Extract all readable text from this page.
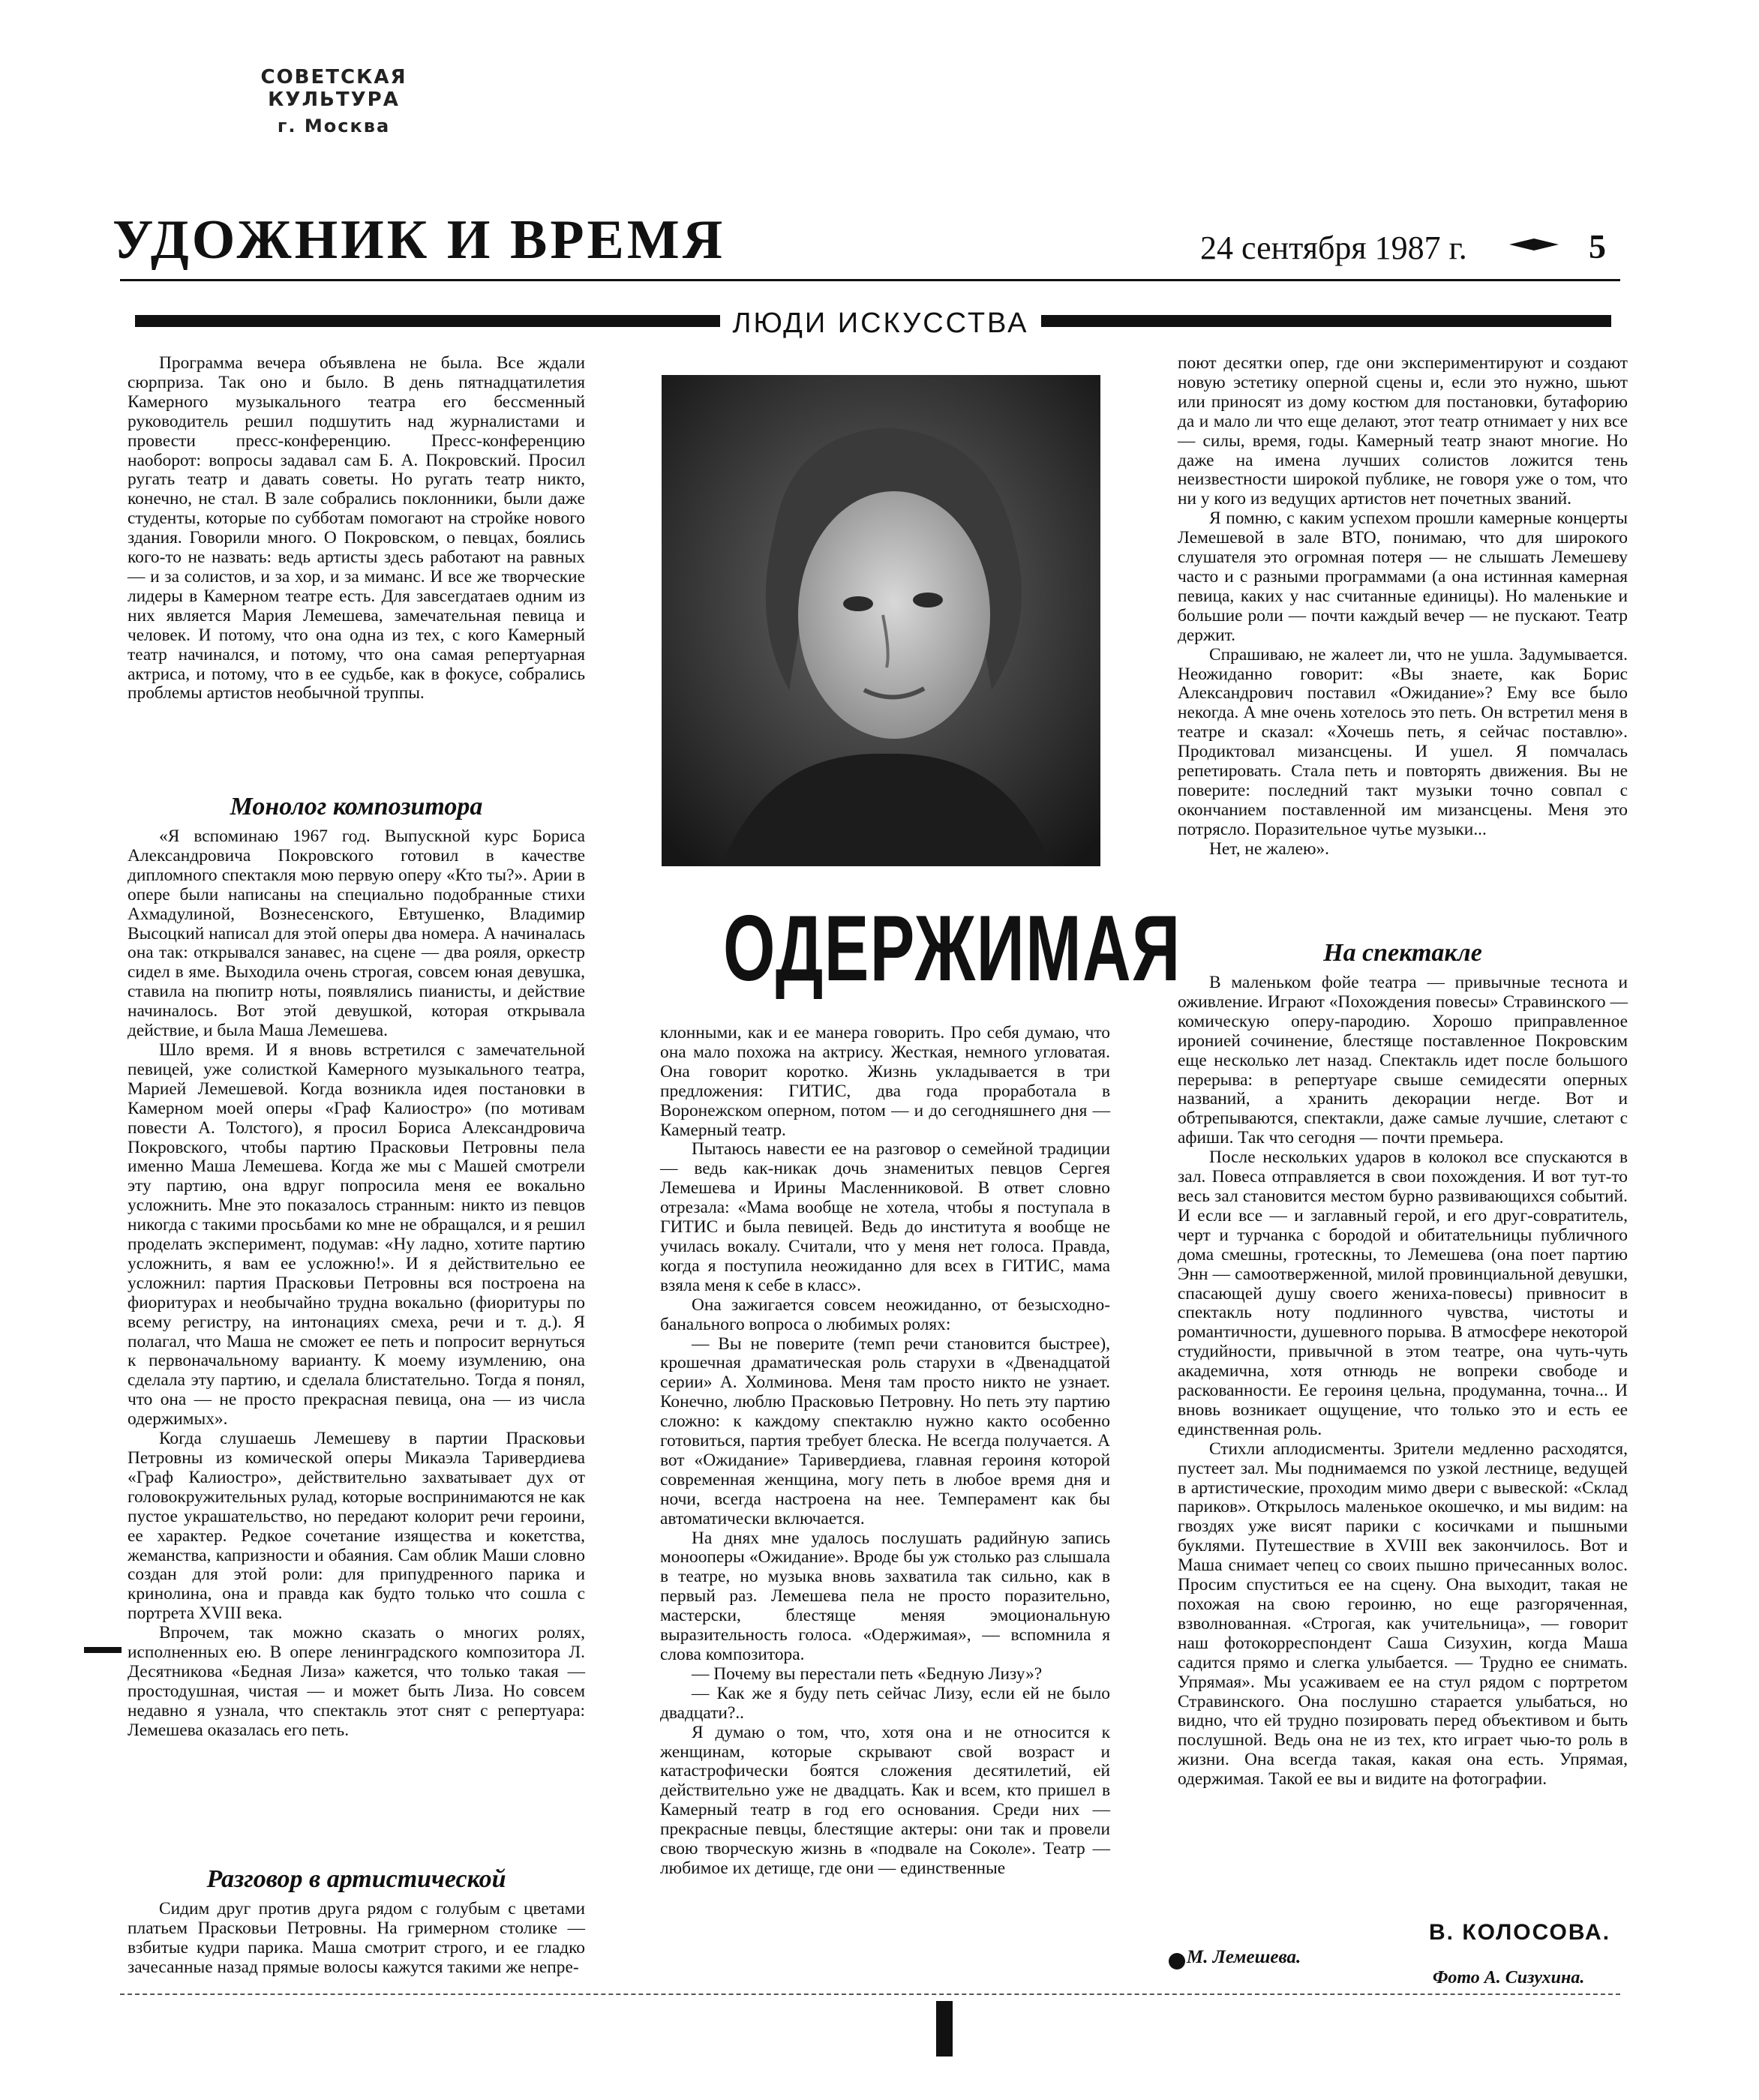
СОВЕТСКАЯ КУЛЬТУРА
г. Москва
УДОЖНИК И ВРЕМЯ	24 сентября 1987 г.	5
ЛЮДИ ИСКУССТВА

Программа вечера объявлена не была. Все ждали сюрприза. Так оно и было. В день пятнадцатилетия Камерного музыкального театра его бессменный руководитель решил подшутить над журналистами и провести пресс-конференцию. Пресс-конференцию наоборот: вопросы задавал сам Б. А. Покровский. Просил ругать театр и давать советы. Но ругать театр никто, конечно, не стал. В зале собрались поклонники, были даже студенты, которые по субботам помогают на стройке нового здания. Говорили много. О Покровском, о певцах, боялись кого-то не назвать: ведь артисты здесь работают на равных — и за солистов, и за хор, и за миманс. И все же творческие лидеры в Камерном театре есть. Для завсегдатаев одним из них является Мария Лемешева, замечательная певица и человек. И потому, что она одна из тех, с кого Камерный театр начинался, и потому, что она самая репертуарная актриса, и потому, что в ее судьбе, как в фокусе, собрались проблемы артистов необычной труппы.

Монолог композитора

«Я вспоминаю 1967 год. Выпускной курс Бориса Александровича Покровского готовил в качестве дипломного спектакля мою первую оперу «Кто ты?». Арии в опере были написаны на специально подобранные стихи Ахмадулиной, Вознесенского, Евтушенко, Владимир Высоцкий написал для этой оперы два номера. А начиналась она так: открывался занавес, на сцене — два рояля, оркестр сидел в яме. Выходила очень строгая, совсем юная девушка, ставила на пюпитр ноты, появлялись пианисты, и действие начиналось. Вот этой девушкой, которая открывала действие, и была Маша Лемешева.

Шло время. И я вновь встретился с замечательной певицей, уже солисткой Камерного музыкального театра, Марией Лемешевой. Когда возникла идея постановки в Камерном моей оперы «Граф Калиостро» (по мотивам повести А. Толстого), я просил Бориса Александровича Покровского, чтобы партию Прасковьи Петровны пела именно Маша Лемешева. Когда же мы с Машей смотрели эту партию, она вдруг попросила меня ее вокально усложнить. Мне это показалось странным: никто из певцов никогда с такими просьбами ко мне не обращался, и я решил проделать эксперимент, подумав: «Ну ладно, хотите партию усложнить, я вам ее усложню!». И я действительно ее усложнил: партия Прасковьи Петровны вся построена на фиоритурах и необычайно трудна вокально (фиоритуры по всему регистру, на интонациях смеха, речи и т. д.). Я полагал, что Маша не сможет ее петь и попросит вернуться к первоначальному варианту. К моему изумлению, она сделала эту партию, и сделала блистательно. Тогда я понял, что она — не просто прекрасная певица, она — из числа одержимых».

Когда слушаешь Лемешеву в партии Прасковьи Петровны из комической оперы Микаэла Таривердиева «Граф Калиостро», действительно захватывает дух от головокружительных рулад, которые воспринимаются не как пустое украшательство, но передают колорит речи героини, ее характер. Редкое сочетание изящества и кокетства, жеманства, капризности и обаяния. Сам облик Маши словно создан для этой роли: для припудренного парика и кринолина, она и правда как будто только что сошла с портрета XVIII века.

Впрочем, так можно сказать о многих ролях, исполненных ею. В опере ленинградского композитора Л. Десятникова «Бедная Лиза» кажется, что только такая — простодушная, чистая — и может быть Лиза. Но совсем недавно я узнала, что спектакль этот снят с репертуара: Лемешева оказалась его петь.

Разговор в артистической

Сидим друг против друга рядом с голубым с цветами платьем Прасковьи Петровны. На гримерном столике — взбитые кудри парика. Маша смотрит строго, и ее гладко зачесанные назад прямые волосы кажутся такими же непре-

ОДЕРЖИМАЯ

клонными, как и ее манера говорить. Про себя думаю, что она мало похожа на актрису. Жесткая, немного угловатая. Она говорит коротко. Жизнь укладывается в три предложения: ГИТИС, два года проработала в Воронежском оперном, потом — и до сегодняшнего дня — Камерный театр.

Пытаюсь навести ее на разговор о семейной традиции — ведь как-никак дочь знаменитых певцов Сергея Лемешева и Ирины Масленниковой. В ответ словно отрезала: «Мама вообще не хотела, чтобы я поступала в ГИТИС и была певицей. Ведь до института я вообще не училась вокалу. Считали, что у меня нет голоса. Правда, когда я поступила неожиданно для всех в ГИТИС, мама взяла меня к себе в класс».

Она зажигается совсем неожиданно, от безысходно-банального вопроса о любимых ролях:

— Вы не поверите (темп речи становится быстрее), крошечная драматическая роль старухи в «Двенадцатой серии» А. Холминова. Меня там просто никто не узнает. Конечно, люблю Прасковью Петровну. Но петь эту партию сложно: к каждому спектаклю нужно както особенно готовиться, партия требует блеска. Не всегда получается. А вот «Ожидание» Таривердиева, главная героиня которой современная женщина, могу петь в любое время дня и ночи, всегда настроена на нее. Темперамент как бы автоматически включается.

На днях мне удалось послушать радийную запись монооперы «Ожидание». Вроде бы уж столько раз слышала в театре, но музыка вновь захватила так сильно, как в первый раз. Лемешева пела не просто поразительно, мастерски, блестяще меняя эмоциональную выразительность голоса. «Одержимая», — вспомнила я слова композитора.

— Почему вы перестали петь «Бедную Лизу»?

— Как же я буду петь сейчас Лизу, если ей не было двадцати?..

Я думаю о том, что, хотя она и не относится к женщинам, которые скрывают свой возраст и катастрофически боятся сложения десятилетий, ей действительно уже не двадцать. Как и всем, кто пришел в Камерный театр в год его основания. Среди них — прекрасные певцы, блестящие актеры: они так и провели свою творческую жизнь в «подвале на Соколе». Театр — любимое их детище, где они — единственные

поют десятки опер, где они экспериментируют и создают новую эстетику оперной сцены и, если это нужно, шьют или приносят из дому костюм для постановки, бутафорию да и мало ли что еще делают, этот театр отнимает у них все — силы, время, годы. Камерный театр знают многие. Но даже на имена лучших солистов ложится тень неизвестности широкой публике, не говоря уже о том, что ни у кого из ведущих артистов нет почетных званий.

Я помню, с каким успехом прошли камерные концерты Лемешевой в зале ВТО, понимаю, что для широкого слушателя это огромная потеря — не слышать Лемешеву часто и с разными программами (а она истинная камерная певица, каких у нас считанные единицы). Но маленькие и большие роли — почти каждый вечер — не пускают. Театр держит.

Спрашиваю, не жалеет ли, что не ушла. Задумывается. Неожиданно говорит: «Вы знаете, как Борис Александрович поставил «Ожидание»? Ему все было некогда. А мне очень хотелось это петь. Он встретил меня в театре и сказал: «Хочешь петь, я сейчас поставлю». Продиктовал мизансцены. И ушел. Я помчалась репетировать. Стала петь и повторять движения. Вы не поверите: последний такт музыки точно совпал с окончанием поставленной им мизансцены. Меня это потрясло. Поразительное чутье музыки...

Нет, не жалею».

На спектакле

В маленьком фойе театра — привычные теснота и оживление. Играют «Похождения повесы» Стравинского — комическую оперу-пародию. Хорошо приправленное иронией сочинение, блестяще поставленное Покровским еще несколько лет назад. Спектакль идет после большого перерыва: в репертуаре свыше семидесяти оперных названий, а хранить декорации негде. Вот и обтрепываются, спектакли, даже самые лучшие, слетают с афиши. Так что сегодня — почти премьера.

После нескольких ударов в колокол все спускаются в зал. Повеса отправляется в свои похождения. И вот тут-то весь зал становится местом бурно развивающихся событий. И если все — и заглавный герой, и его друг-совратитель, черт и турчанка с бородой и обитательницы публичного дома смешны, гротескны, то Лемешева (она поет партию Энн — самоотверженной, милой провинциальной девушки, спасающей душу своего жениха-повесы) привносит в спектакль ноту подлинного чувства, чистоты и романтичности, душевного порыва. В атмосфере некоторой студийности, привычной в этом театре, она чуть-чуть академична, хотя отнюдь не вопреки свободе и раскованности. Ее героиня цельна, продуманна, точна... И вновь возникает ощущение, что только это и есть ее единственная роль.

Стихли аплодисменты. Зрители медленно расходятся, пустеет зал. Мы поднимаемся по узкой лестнице, ведущей в артистические, проходим мимо двери с вывеской: «Склад париков». Открылось маленькое окошечко, и мы видим: на гвоздях уже висят парики с косичками и пышными буклями. Путешествие в XVIII век закончилось. Вот и Маша снимает чепец со своих пышно причесанных волос. Просим спуститься ее на сцену. Она выходит, такая не похожая на свою героиню, но еще разгоряченная, взволнованная. «Строгая, как учительница», — говорит наш фотокорреспондент Саша Сизухин, когда Маша садится прямо и слегка улыбается. — Трудно ее снимать. Упрямая». Мы усаживаем ее на стул рядом с портретом Стравинского. Она послушно старается улыбаться, но видно, что ей трудно позировать перед объективом и быть послушной. Ведь она не из тех, кто играет чью-то роль в жизни. Она всегда такая, какая она есть. Упрямая, одержимая. Такой ее вы и видите на фотографии.

В. КОЛОСОВА.
М. Лемешева.
Фото А. Сизухина.
